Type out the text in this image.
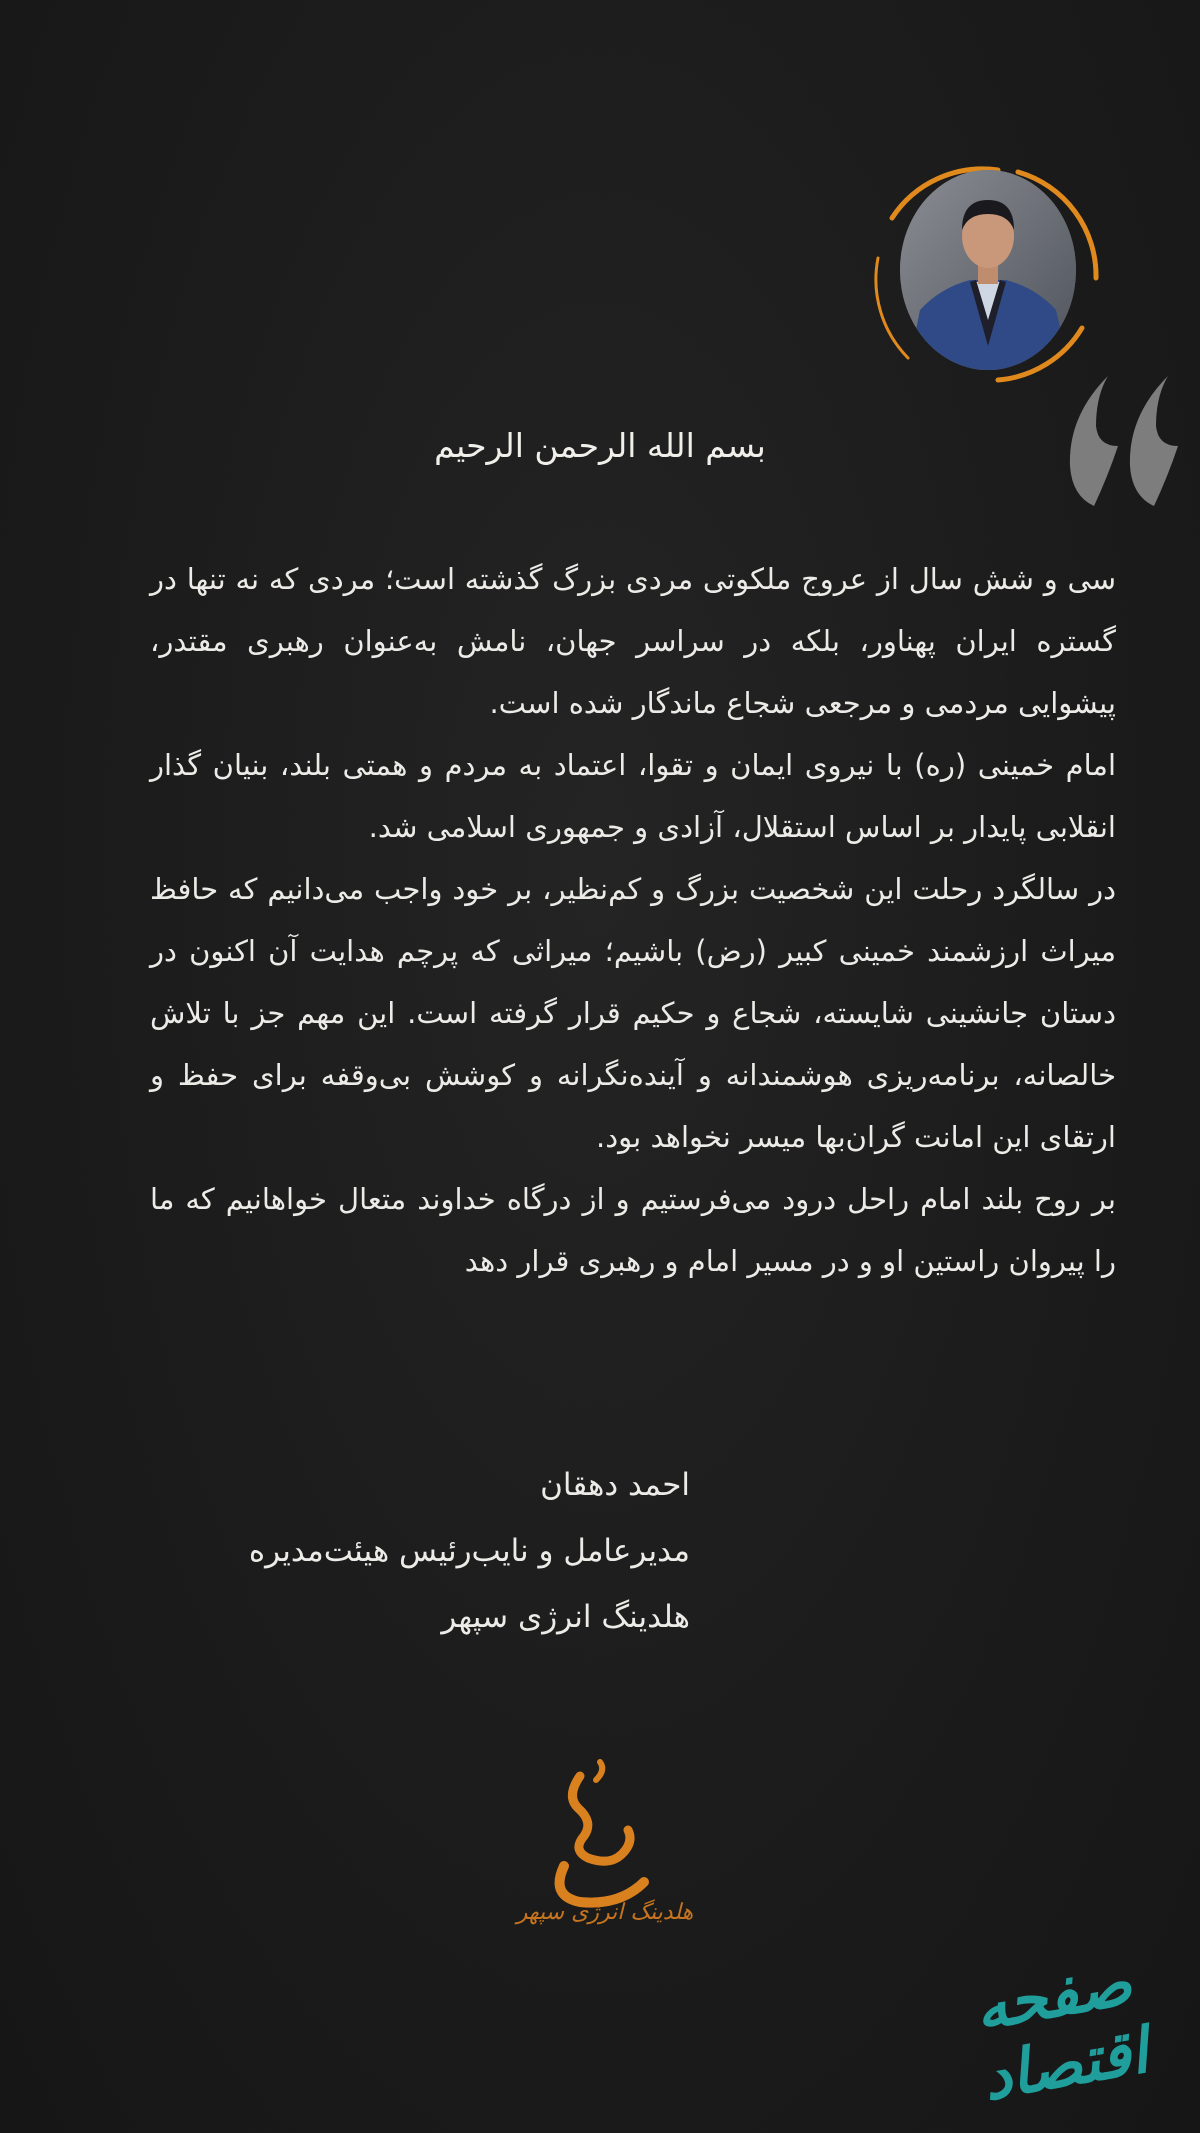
بسم الله الرحمن الرحیم

سی و شش سال از عروج ملکوتی مردی بزرگ گذشته است؛ مردی که نه تنها در گستره ایران پهناور، بلکه در سراسر جهان، نامش به‌عنوان رهبری مقتدر، پیشوایی مردمی و مرجعی شجاع ماندگار شده است.

امام خمینی (ره) با نیروی ایمان و تقوا، اعتماد به مردم و همتی بلند، بنیان گذار انقلابی پایدار بر اساس استقلال، آزادی و جمهوری اسلامی شد.

در سالگرد رحلت این شخصیت بزرگ و کم‌نظیر، بر خود واجب می‌دانیم که حافظ میراث ارزشمند خمینی کبیر (رض) باشیم؛ میراثی که پرچم هدایت آن اکنون در دستان جانشینی شایسته، شجاع و حکیم قرار گرفته است. این مهم جز با تلاش خالصانه، برنامه‌ریزی هوشمندانه و آینده‌نگرانه و کوشش بی‌وقفه برای حفظ و ارتقای این امانت گران‌بها میسر نخواهد بود.

بر روح بلند امام راحل درود می‌فرستیم و از درگاه خداوند متعال خواهانیم که ما را پیروان راستین او و در مسیر امام و رهبری قرار دهد

احمد دهقان
مدیرعامل و نایب‌رئیس هیئت‌مدیره
هلدینگ انرژی سپهر
هلدینگ انرژی سپهر
صفحه اقتصاد
